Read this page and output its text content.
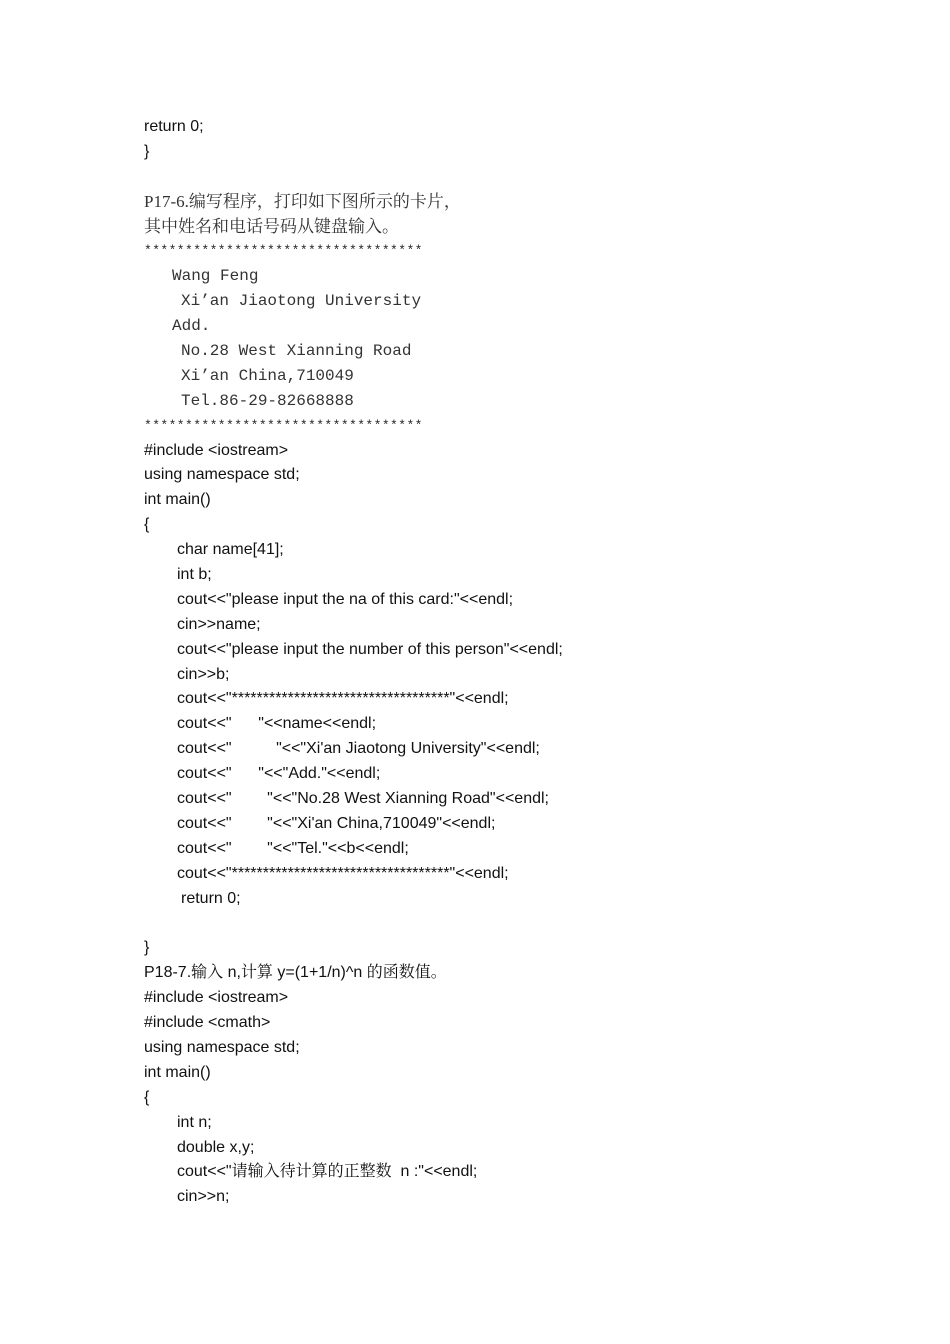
return 0;
}
P17-6.编写程序，打印如下图所示的卡片，
其中姓名和电话号码从键盘输入。
**********************************
Wang Feng
Xi’an Jiaotong University
Add.
No.28 West Xianning Road
Xi’an China,710049
Tel.86-29-82668888
**********************************
#include <iostream>
using namespace std;
int main()
{
char name[41];
int b;
cout<<"please input the na of this card:"<<endl;
cin>>name;
cout<<"please input the number of this person"<<endl;
cin>>b;
cout<<"***********************************"<<endl;
cout<<"      "<<name<<endl;
cout<<"          "<<"Xi'an Jiaotong University"<<endl;
cout<<"      "<<"Add."<<endl;
cout<<"        "<<"No.28 West Xianning Road"<<endl;
cout<<"        "<<"Xi'an China,710049"<<endl;
cout<<"        "<<"Tel."<<b<<endl;
cout<<"***********************************"<<endl;
return 0;
}
P18-7.输入 n,计算 y=(1+1/n)^n 的函数值。
#include <iostream>
#include <cmath>
using namespace std;
int main()
{
int n;
double x,y;
cout<<"请输入待计算的正整数  n :"<<endl;
cin>>n;
